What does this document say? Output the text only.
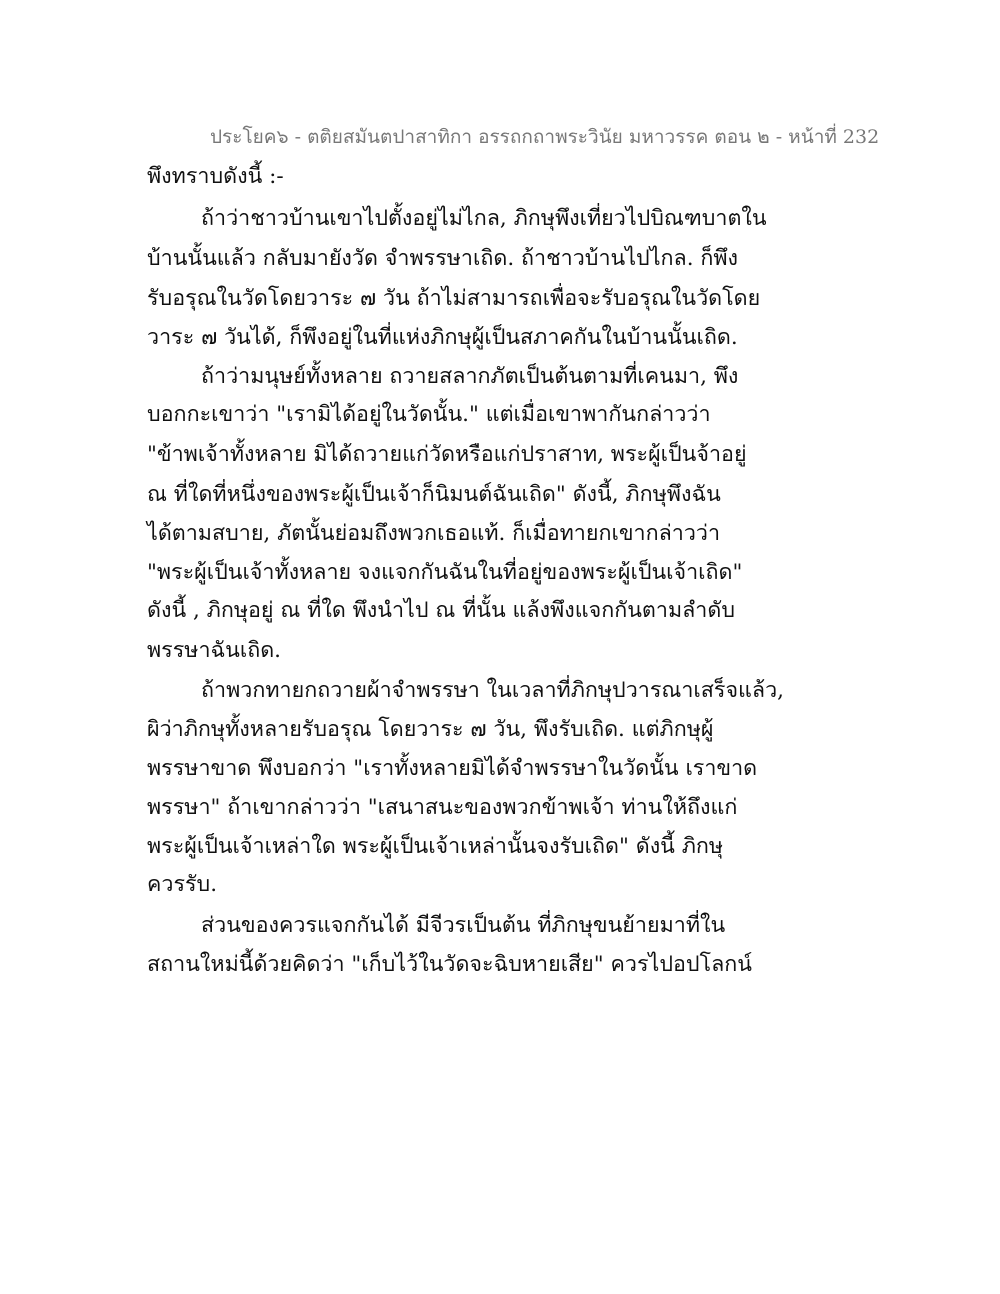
ประโยค๖ - ตติยสมันตปาสาทิกา อรรถกถาพระวินัย มหาวรรค ตอน ๒ - หน้าที่ 232
พึงทราบดังนี้ :-
ถ้าว่าชาวบ้านเขาไปตั้งอยู่ไม่ไกล, ภิกษุพึงเที่ยวไปบิณฑบาตใน
บ้านนั้นแล้ว กลับมายังวัด จำพรรษาเถิด. ถ้าชาวบ้านไปไกล. ก็พึง
รับอรุณในวัดโดยวาระ ๗ วัน ถ้าไม่สามารถเพื่อจะรับอรุณในวัดโดย
วาระ ๗ วันได้, ก็พึงอยู่ในที่แห่งภิกษุผู้เป็นสภาคกันในบ้านนั้นเถิด.
ถ้าว่ามนุษย์ทั้งหลาย ถวายสลากภัตเป็นต้นตามที่เคนมา, พึง
บอกกะเขาว่า "เรามิได้อยู่ในวัดนั้น." แต่เมื่อเขาพากันกล่าวว่า
"ข้าพเจ้าทั้งหลาย มิได้ถวายแก่วัดหรือแก่ปราสาท, พระผู้เป็นจ้าอยู่
ณ ที่ใดที่หนึ่งของพระผู้เป็นเจ้าก็นิมนต์ฉันเถิด" ดังนี้, ภิกษุพึงฉัน
ได้ตามสบาย, ภัตนั้นย่อมถึงพวกเธอแท้. ก็เมื่อทายกเขากล่าวว่า
"พระผู้เป็นเจ้าทั้งหลาย จงแจกกันฉันในที่อยู่ของพระผู้เป็นเจ้าเถิด"
ดังนี้ , ภิกษุอยู่ ณ ที่ใด พึงนำไป ณ ที่นั้น แล้งพึงแจกกันตามลำดับ
พรรษาฉันเถิด.
ถ้าพวกทายกถวายผ้าจำพรรษา ในเวลาที่ภิกษุปวารณาเสร็จแล้ว,
ผิว่าภิกษุทั้งหลายรับอรุณ โดยวาระ ๗ วัน, พึงรับเถิด. แต่ภิกษุผู้
พรรษาขาด พึงบอกว่า "เราทั้งหลายมิได้จำพรรษาในวัดนั้น เราขาด
พรรษา" ถ้าเขากล่าวว่า "เสนาสนะของพวกข้าพเจ้า ท่านให้ถึงแก่
พระผู้เป็นเจ้าเหล่าใด พระผู้เป็นเจ้าเหล่านั้นจงรับเถิด" ดังนี้ ภิกษุ
ควรรับ.
ส่วนของควรแจกกันได้ มีจีวรเป็นต้น ที่ภิกษุขนย้ายมาที่ใน
สถานใหม่นี้ด้วยคิดว่า "เก็บไว้ในวัดจะฉิบหายเสีย" ควรไปอปโลกน์
